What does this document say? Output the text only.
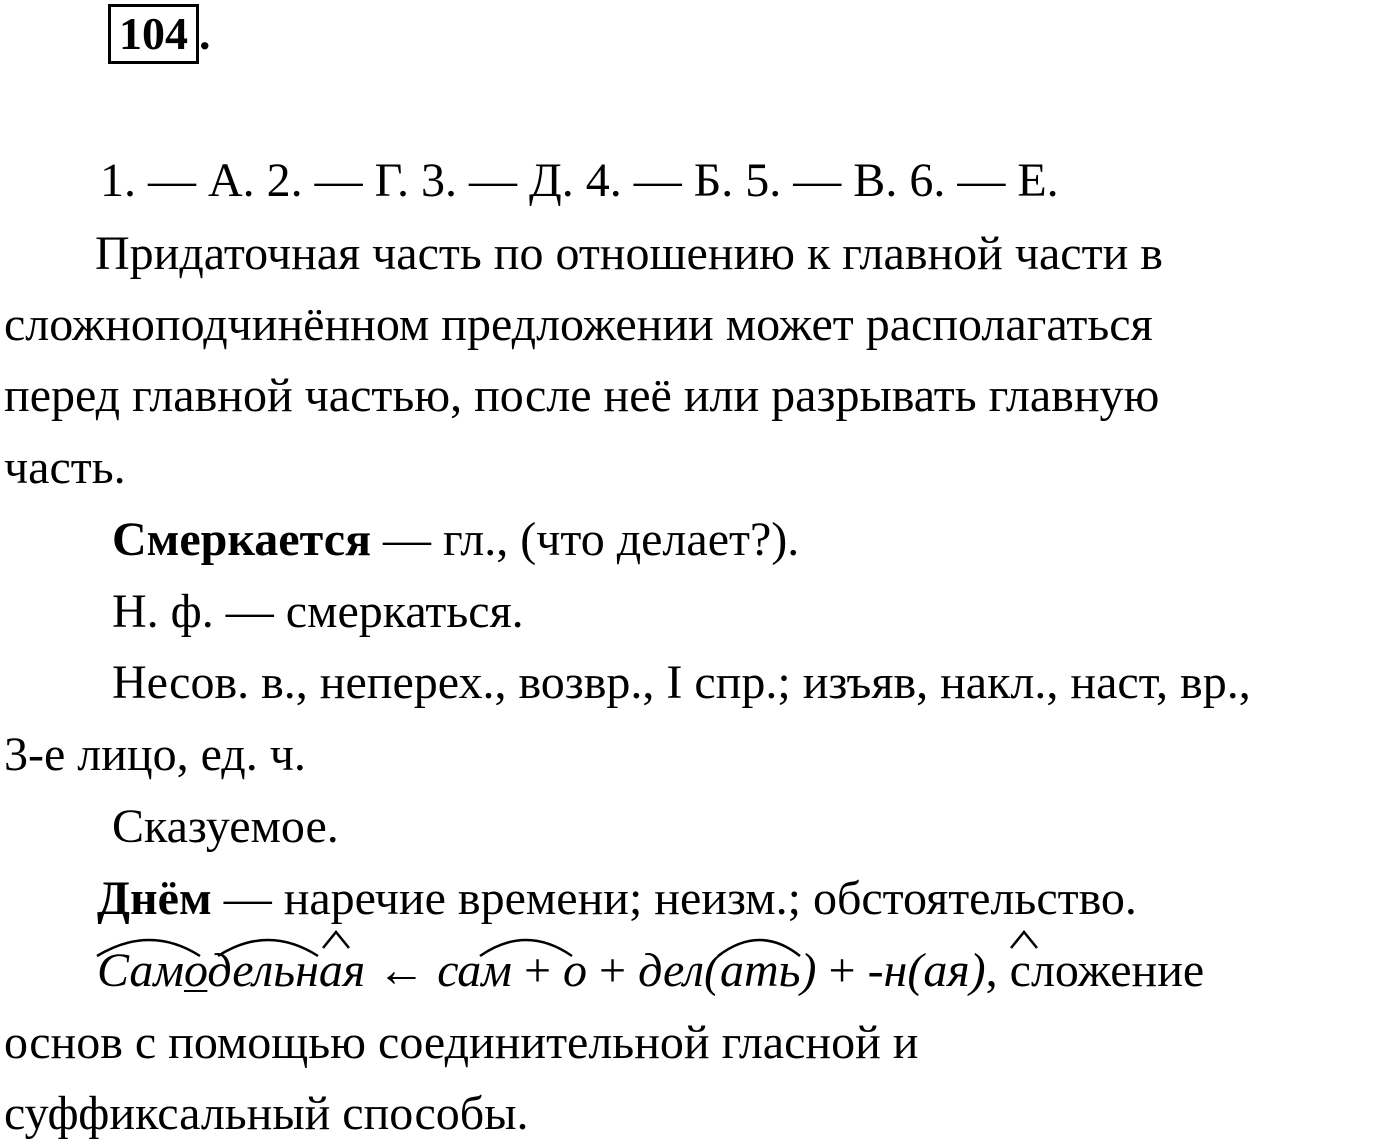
104 .
1. — А. 2. — Г. 3. — Д. 4. — Б. 5. — В. 6. — Е.
Придаточная часть по отношению к главной части в
сложноподчинённом предложении может располагаться
перед главной частью, после неё или разрывать главную
часть.
Смеркается — гл., (что делает?).
Н. ф. — смеркаться.
Несов. в., неперех., возвр., I спр.; изъяв, накл., наст, вр.,
3-е лицо, ед. ч.
Сказуемое.
Днём — наречие времени; неизм.; обстоятельство.
Самодельная ← сам + о + дел(ать) + -н(ая), сложение
основ с помощью соединительной гласной и
суффиксальный способы.
